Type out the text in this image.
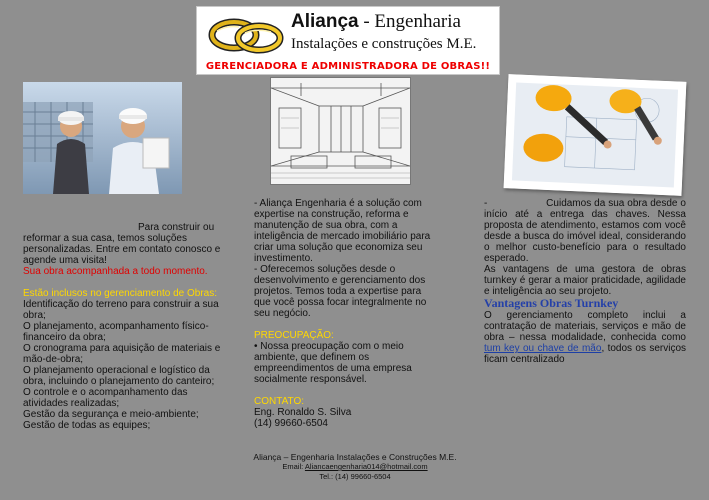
Aliança - Engenharia
Instalações e construções M.E.
GERENCIADORA E ADMINISTRADORA DE OBRAS!!

Para construir ou

reformar a sua casa, temos soluções personalizadas. Entre em contato conosco e agende uma visita!

Sua obra acompanhada a todo momento.

Estão inclusos no gerenciamento de Obras:

Identificação do terreno para construir a sua obra;

O planejamento, acompanhamento físico-financeiro da obra;

O cronograma para aquisição de materiais e mão-de-obra;

O planejamento operacional e logístico da obra, incluindo o planejamento do canteiro;

O controle e o acompanhamento das atividades realizadas;

Gestão da segurança e meio-ambiente;

Gestão de todas as equipes;

- Aliança Engenharia é a solução com expertise na construção, reforma e manutenção de sua obra, com a inteligência de mercado imobiliário para criar uma solução que economiza seu investimento.

- Oferecemos soluções desde o desenvolvimento e gerenciamento dos projetos. Temos toda a expertise para que você possa focar integralmente no seu negócio.

PREOCUPAÇÃO:

• Nossa preocupação com o meio ambiente, que definem os empreendimentos de uma empresa socialmente responsável.

CONTATO:

Eng. Ronaldo S. Silva

(14) 99660-6504

-                    Cuidamos da sua obra desde o início até a entrega das chaves. Nessa proposta de atendimento, estamos com você desde a busca do imóvel ideal, considerando o melhor custo-benefício para o resultado esperado.

As vantagens de uma gestora de obras turnkey é gerar a maior praticidade, agilidade e inteligência ao seu projeto.

Vantagens Obras Turnkey

O gerenciamento completo inclui a contratação de materiais, serviços e mão de obra – nessa modalidade, conhecida como tum key ou chave de mão, todos os serviços ficam centralizado

Aliança – Engenharia Instalações e Construções M.E.
Email: Aliancaengenharia014@hotmail.com
Tel.: (14) 99660-6504
